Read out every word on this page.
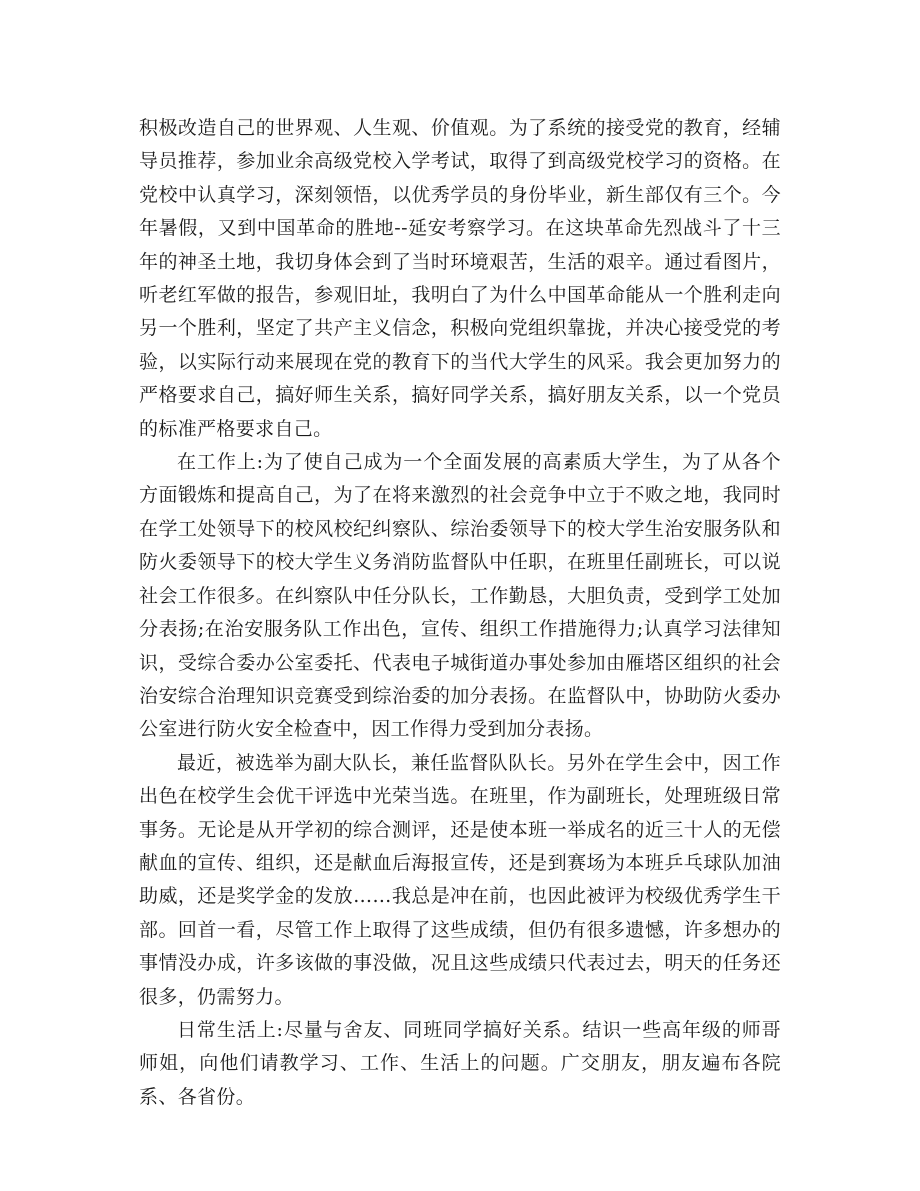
积极改造自己的世界观、人生观、价值观。为了系统的接受党的教育，经辅导员推荐，参加业余高级党校入学考试，取得了到高级党校学习的资格。在党校中认真学习，深刻领悟，以优秀学员的身份毕业，新生部仅有三个。今年暑假，又到中国革命的胜地--延安考察学习。在这块革命先烈战斗了十三年的神圣土地，我切身体会到了当时环境艰苦，生活的艰辛。通过看图片，听老红军做的报告，参观旧址，我明白了为什么中国革命能从一个胜利走向另一个胜利，坚定了共产主义信念，积极向党组织靠拢，并决心接受党的考验，以实际行动来展现在党的教育下的当代大学生的风采。我会更加努力的严格要求自己，搞好师生关系，搞好同学关系，搞好朋友关系，以一个党员的标准严格要求自己。

在工作上:为了使自己成为一个全面发展的高素质大学生，为了从各个方面锻炼和提高自己，为了在将来激烈的社会竞争中立于不败之地，我同时在学工处领导下的校风校纪纠察队、综治委领导下的校大学生治安服务队和防火委领导下的校大学生义务消防监督队中任职，在班里任副班长，可以说社会工作很多。在纠察队中任分队长，工作勤恳，大胆负责，受到学工处加分表扬;在治安服务队工作出色，宣传、组织工作措施得力;认真学习法律知识，受综合委办公室委托、代表电子城街道办事处参加由雁塔区组织的社会治安综合治理知识竞赛受到综治委的加分表扬。在监督队中，协助防火委办公室进行防火安全检查中，因工作得力受到加分表扬。

最近，被选举为副大队长，兼任监督队队长。另外在学生会中，因工作出色在校学生会优干评选中光荣当选。在班里，作为副班长，处理班级日常事务。无论是从开学初的综合测评，还是使本班一举成名的近三十人的无偿献血的宣传、组织，还是献血后海报宣传，还是到赛场为本班乒乓球队加油助威，还是奖学金的发放……我总是冲在前，也因此被评为校级优秀学生干部。回首一看，尽管工作上取得了这些成绩，但仍有很多遗憾，许多想办的事情没办成，许多该做的事没做，况且这些成绩只代表过去，明天的任务还很多，仍需努力。

日常生活上:尽量与舍友、同班同学搞好关系。结识一些高年级的师哥师姐，向他们请教学习、工作、生活上的问题。广交朋友，朋友遍布各院系、各省份。
